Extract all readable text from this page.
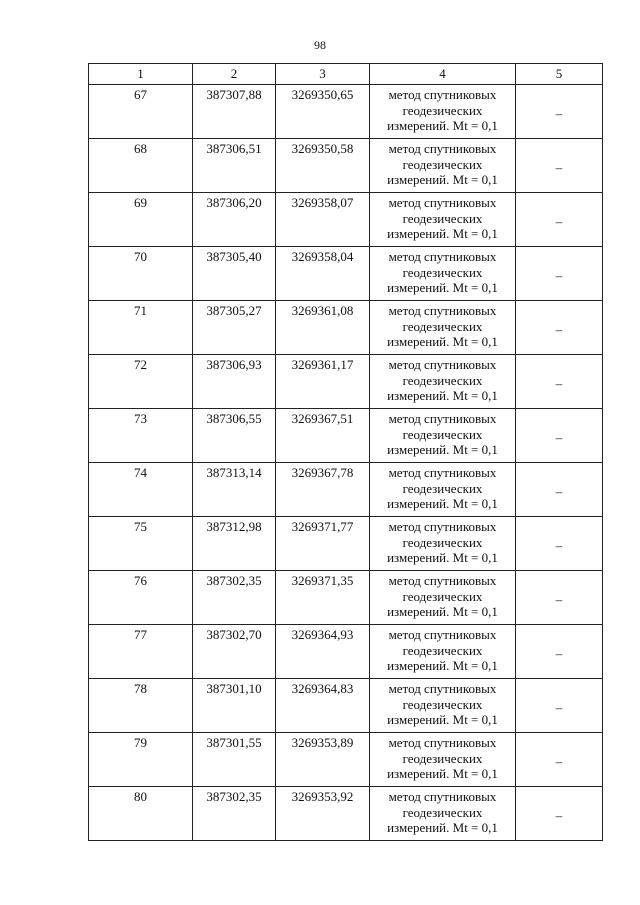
98
1	2	3	4	5
67	387307,88	3269350,65	метод спутниковых
геодезических
измерений. Mt = 0,1	–
68	387306,51	3269350,58	метод спутниковых
геодезических
измерений. Mt = 0,1	–
69	387306,20	3269358,07	метод спутниковых
геодезических
измерений. Mt = 0,1	–
70	387305,40	3269358,04	метод спутниковых
геодезических
измерений. Mt = 0,1	–
71	387305,27	3269361,08	метод спутниковых
геодезических
измерений. Mt = 0,1	–
72	387306,93	3269361,17	метод спутниковых
геодезических
измерений. Mt = 0,1	–
73	387306,55	3269367,51	метод спутниковых
геодезических
измерений. Mt = 0,1	–
74	387313,14	3269367,78	метод спутниковых
геодезических
измерений. Mt = 0,1	–
75	387312,98	3269371,77	метод спутниковых
геодезических
измерений. Mt = 0,1	–
76	387302,35	3269371,35	метод спутниковых
геодезических
измерений. Mt = 0,1	–
77	387302,70	3269364,93	метод спутниковых
геодезических
измерений. Mt = 0,1	–
78	387301,10	3269364,83	метод спутниковых
геодезических
измерений. Mt = 0,1	–
79	387301,55	3269353,89	метод спутниковых
геодезических
измерений. Mt = 0,1	–
80	387302,35	3269353,92	метод спутниковых
геодезических
измерений. Mt = 0,1	–
